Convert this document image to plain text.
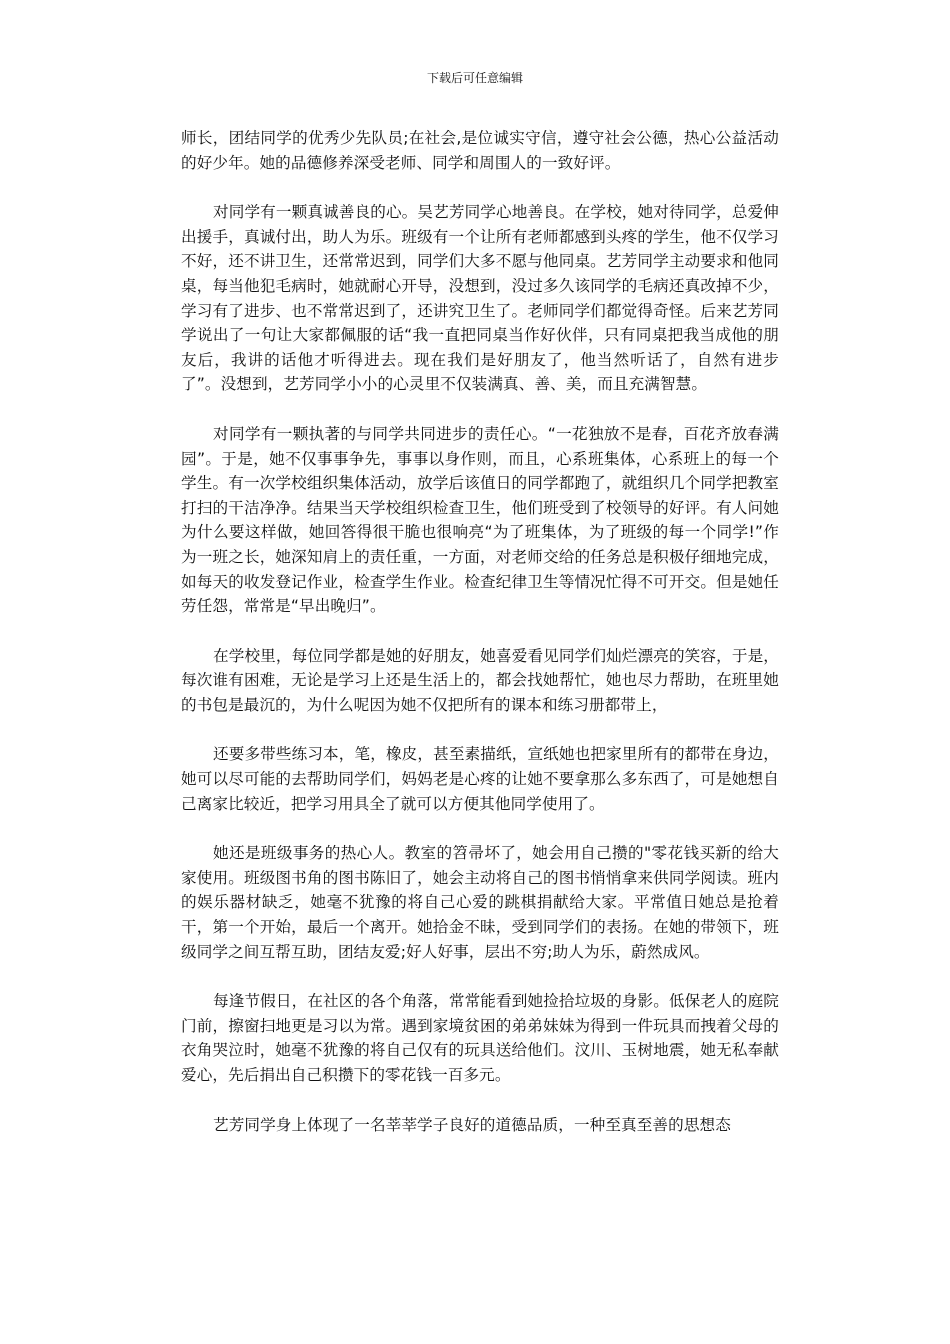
下载后可任意编辑

师长，团结同学的优秀少先队员;在社会,是位诚实守信，遵守社会公德，热心公益活动的好少年。她的品德修养深受老师、同学和周围人的一致好评。

对同学有一颗真诚善良的心。吴艺芳同学心地善良。在学校，她对待同学，总爱伸出援手，真诚付出，助人为乐。班级有一个让所有老师都感到头疼的学生，他不仅学习不好，还不讲卫生，还常常迟到，同学们大多不愿与他同桌。艺芳同学主动要求和他同桌，每当他犯毛病时，她就耐心开导，没想到，没过多久该同学的毛病还真改掉不少，学习有了进步、也不常常迟到了，还讲究卫生了。老师同学们都觉得奇怪。后来艺芳同学说出了一句让大家都佩服的话“我一直把同桌当作好伙伴，只有同桌把我当成他的朋友后，我讲的话他才听得进去。现在我们是好朋友了，他当然听话了，自然有进步了”。没想到，艺芳同学小小的心灵里不仅装满真、善、美，而且充满智慧。

对同学有一颗执著的与同学共同进步的责任心。“一花独放不是春，百花齐放春满园”。于是，她不仅事事争先，事事以身作则，而且，心系班集体，心系班上的每一个学生。有一次学校组织集体活动，放学后该值日的同学都跑了，就组织几个同学把教室打扫的干洁净净。结果当天学校组织检查卫生，他们班受到了校领导的好评。有人问她为什么要这样做，她回答得很干脆也很响亮“为了班集体，为了班级的每一个同学!”作为一班之长，她深知肩上的责任重，一方面，对老师交给的任务总是积极仔细地完成，如每天的收发登记作业，检查学生作业。检查纪律卫生等情况忙得不可开交。但是她任劳任怨，常常是“早出晚归”。

在学校里，每位同学都是她的好朋友，她喜爱看见同学们灿烂漂亮的笑容，于是，每次谁有困难，无论是学习上还是生活上的，都会找她帮忙，她也尽力帮助，在班里她的书包是最沉的，为什么呢因为她不仅把所有的课本和练习册都带上，

还要多带些练习本，笔，橡皮，甚至素描纸，宣纸她也把家里所有的都带在身边，她可以尽可能的去帮助同学们，妈妈老是心疼的让她不要拿那么多东西了，可是她想自己离家比较近，把学习用具全了就可以方便其他同学使用了。

她还是班级事务的热心人。教室的笤帚坏了，她会用自己攒的"零花钱买新的给大家使用。班级图书角的图书陈旧了，她会主动将自己的图书悄悄拿来供同学阅读。班内的娱乐器材缺乏，她毫不犹豫的将自己心爱的跳棋捐献给大家。平常值日她总是抢着干，第一个开始，最后一个离开。她拾金不昧，受到同学们的表扬。在她的带领下，班级同学之间互帮互助，团结友爱;好人好事，层出不穷;助人为乐，蔚然成风。

每逢节假日，在社区的各个角落，常常能看到她捡拾垃圾的身影。低保老人的庭院门前，擦窗扫地更是习以为常。遇到家境贫困的弟弟妹妹为得到一件玩具而拽着父母的衣角哭泣时，她毫不犹豫的将自己仅有的玩具送给他们。汶川、玉树地震，她无私奉献爱心，先后捐出自己积攒下的零花钱一百多元。

艺芳同学身上体现了一名莘莘学子良好的道德品质，一种至真至善的思想态
